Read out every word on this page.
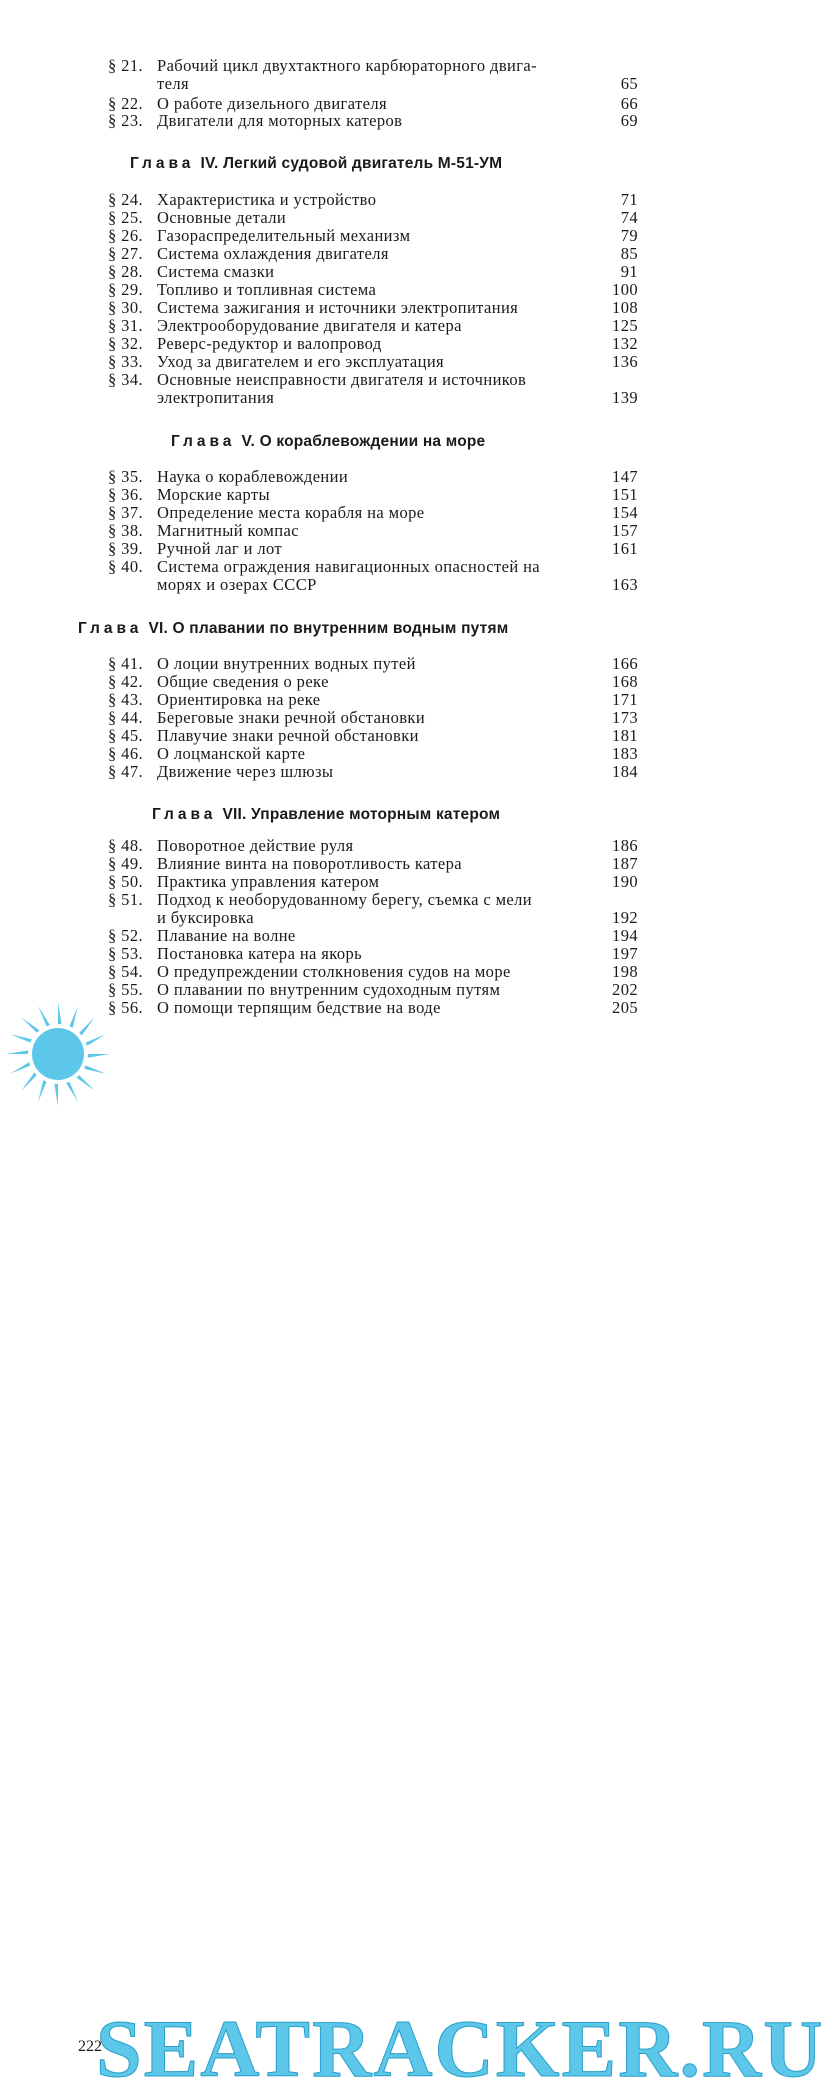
Глава IV. Легкий судовой двигатель М-51-УМ
Глава V. О кораблевождении на море
Глава VI. О плавании по внутренним водным путям
Глава VII. Управление моторным катером
§ 21. Рабочий цикл двухтактного карбюраторного двига-
теля	65
§ 22. О работе дизельного двигателя	66
§ 23. Двигатели для моторных катеров	69
§ 24. Характеристика и устройство	71
§ 25. Основные детали	74
§ 26. Газораспределительный механизм	79
§ 27. Система охлаждения двигателя	85
§ 28. Система смазки	91
§ 29. Топливо и топливная система	100
§ 30. Система зажигания и источники электропитания	108
§ 31. Электрооборудование двигателя и катера	125
§ 32. Реверс-редуктор и валопровод	132
§ 33. Уход за двигателем и его эксплуатация	136
§ 34. Основные неисправности двигателя и источников
электропитания	139
§ 35. Наука о кораблевождении	147
§ 36. Морские карты	151
§ 37. Определение места корабля на море	154
§ 38. Магнитный компас	157
§ 39. Ручной лаг и лот	161
§ 40. Система ограждения навигационных опасностей на
морях и озерах СССР	163
§ 41. О лоции внутренних водных путей	166
§ 42. Общие сведения о реке	168
§ 43. Ориентировка на реке	171
§ 44. Береговые знаки речной обстановки	173
§ 45. Плавучие знаки речной обстановки	181
§ 46. О лоцманской карте	183
§ 47. Движение через шлюзы	184
§ 48. Поворотное действие руля	186
§ 49. Влияние винта на поворотливость катера	187
§ 50. Практика управления катером	190
§ 51. Подход к необорудованному берегу, съемка с мели
и буксировка	192
§ 52. Плавание на волне	194
§ 53. Постановка катера на якорь	197
§ 54. О предупреждении столкновения судов на море	198
§ 55. О плавании по внутренним судоходным путям	202
§ 56. О помощи терпящим бедствие на воде	205
SEATRACKER.RU
222
